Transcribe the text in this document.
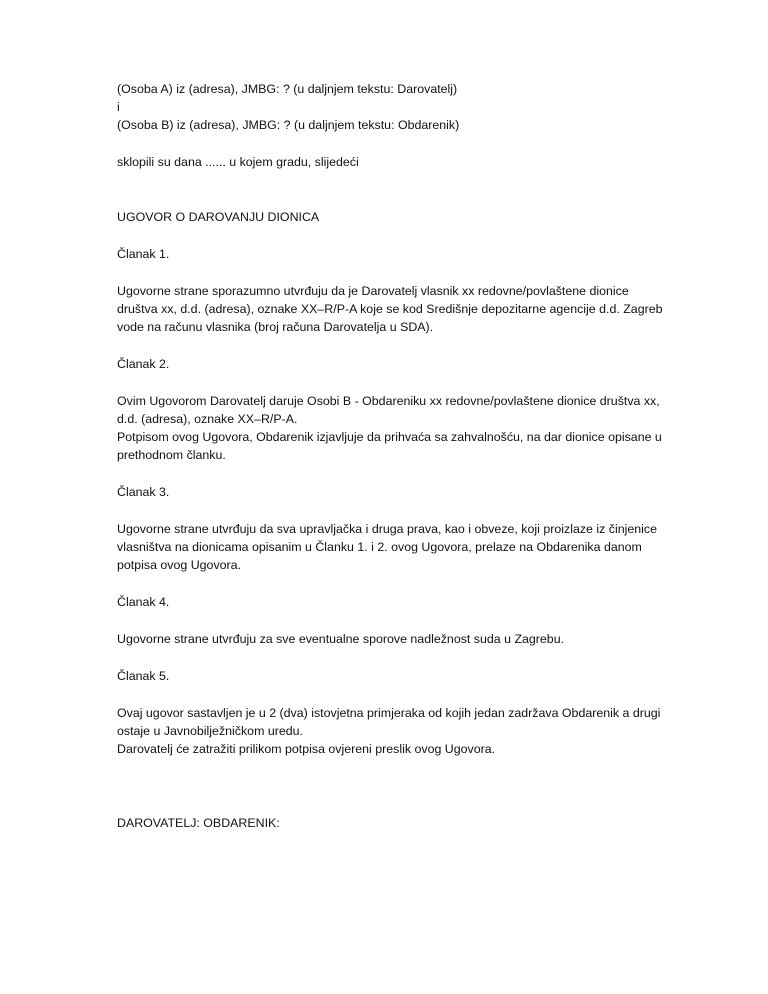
(Osoba A) iz (adresa), JMBG: ? (u daljnjem tekstu: Darovatelj)
i
(Osoba B) iz (adresa), JMBG: ? (u daljnjem tekstu: Obdarenik)
sklopili su dana ...... u kojem gradu, slijedeći
UGOVOR O DAROVANJU DIONICA
Članak 1.
Ugovorne strane sporazumno utvrđuju da je Darovatelj vlasnik xx redovne/povlaštene dionice
društva xx, d.d. (adresa), oznake XX–R/P-A koje se kod Središnje depozitarne agencije d.d. Zagreb
vode na računu vlasnika (broj računa Darovatelja u SDA).
Članak 2.
Ovim Ugovorom Darovatelj daruje Osobi B - Obdareniku xx redovne/povlaštene dionice društva xx,
d.d. (adresa), oznake XX–R/P-A.
Potpisom ovog Ugovora, Obdarenik izjavljuje da prihvaća sa zahvalnošću, na dar dionice opisane u
prethodnom članku.
Članak 3.
Ugovorne strane utvrđuju da sva upravljačka i druga prava, kao i obveze, koji proizlaze iz činjenice
vlasništva na dionicama opisanim u Članku 1. i 2. ovog Ugovora, prelaze na Obdarenika danom
potpisa ovog Ugovora.
Članak 4.
Ugovorne strane utvrđuju za sve eventualne sporove nadležnost suda u Zagrebu.
Članak 5.
Ovaj ugovor sastavljen je u 2 (dva) istovjetna primjeraka od kojih jedan zadržava Obdarenik a drugi
ostaje u Javnobilježničkom uredu.
Darovatelj će zatražiti prilikom potpisa ovjereni preslik ovog Ugovora.
DAROVATELJ: OBDARENIK:
